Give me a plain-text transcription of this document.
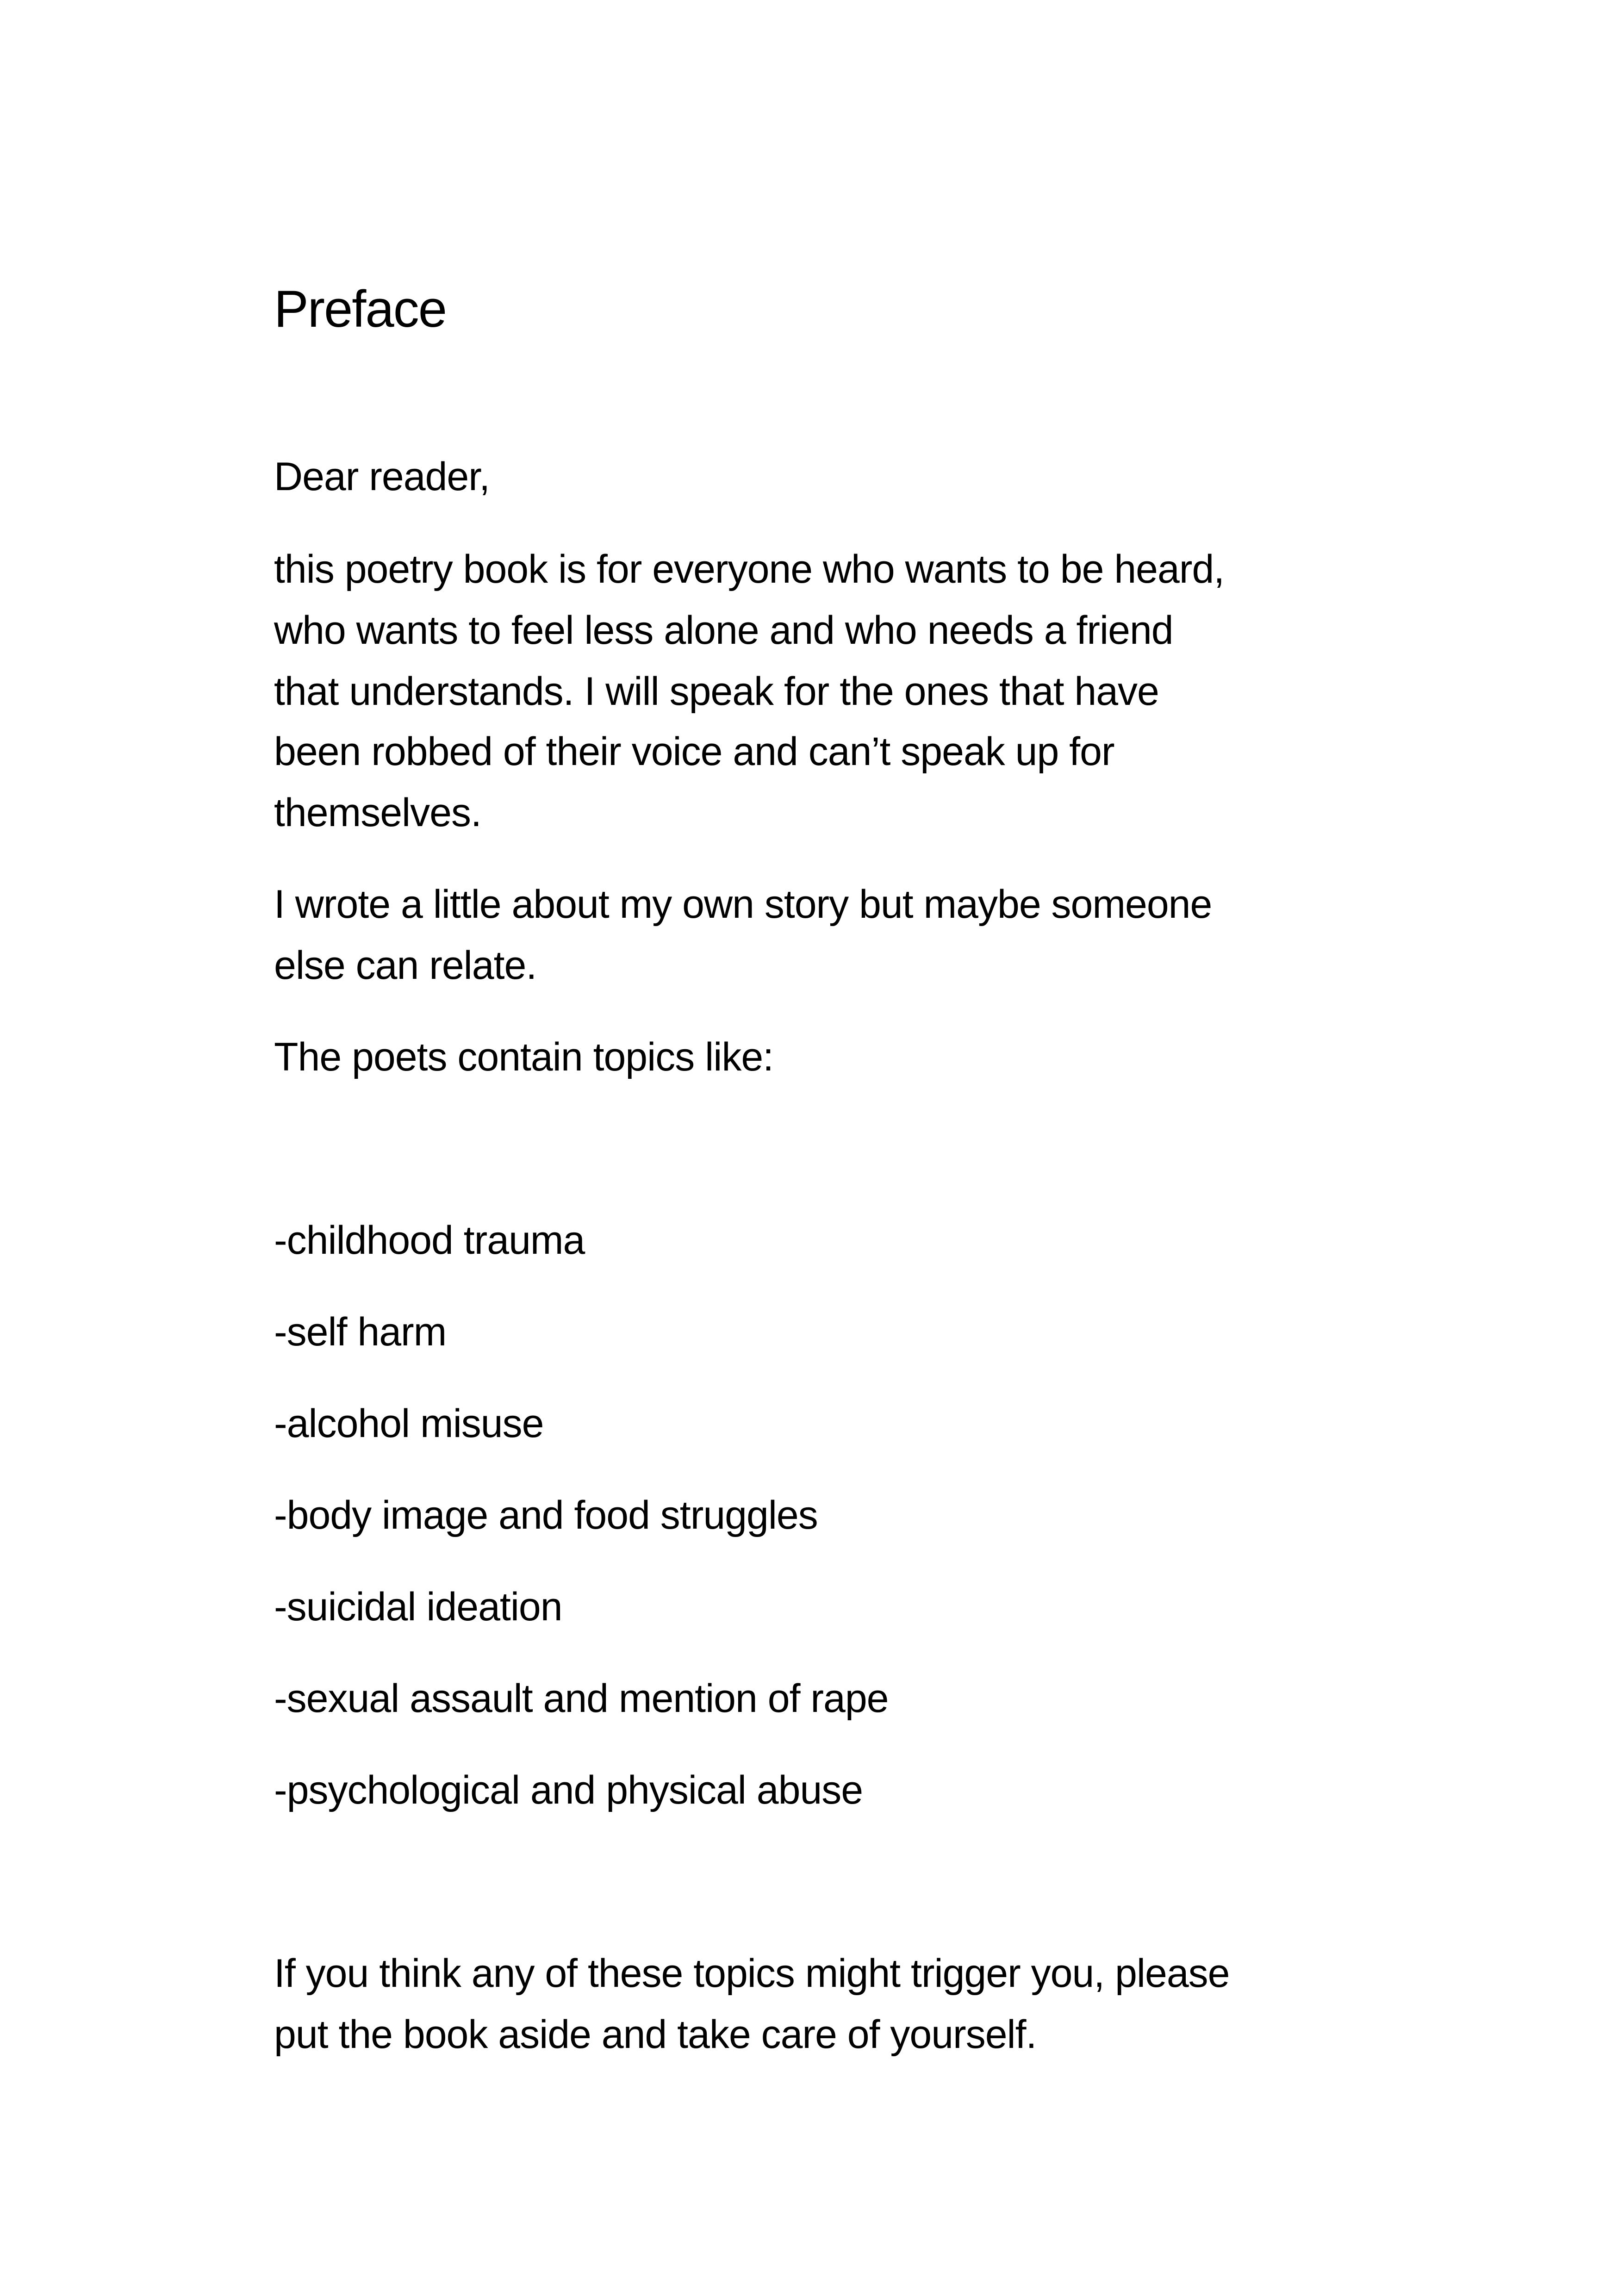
Preface

Dear reader,

this poetry book is for everyone who wants to be heard,

who wants to feel less alone and who needs a friend

that understands. I will speak for the ones that have

been robbed of their voice and can’t speak up for

themselves.

I wrote a little about my own story but maybe someone

else can relate.

The poets contain topics like:

-childhood trauma

-self harm

-alcohol misuse

-body image and food struggles

-suicidal ideation

-sexual assault and mention of rape

-psychological and physical abuse

If you think any of these topics might trigger you, please

put the book aside and take care of yourself.
